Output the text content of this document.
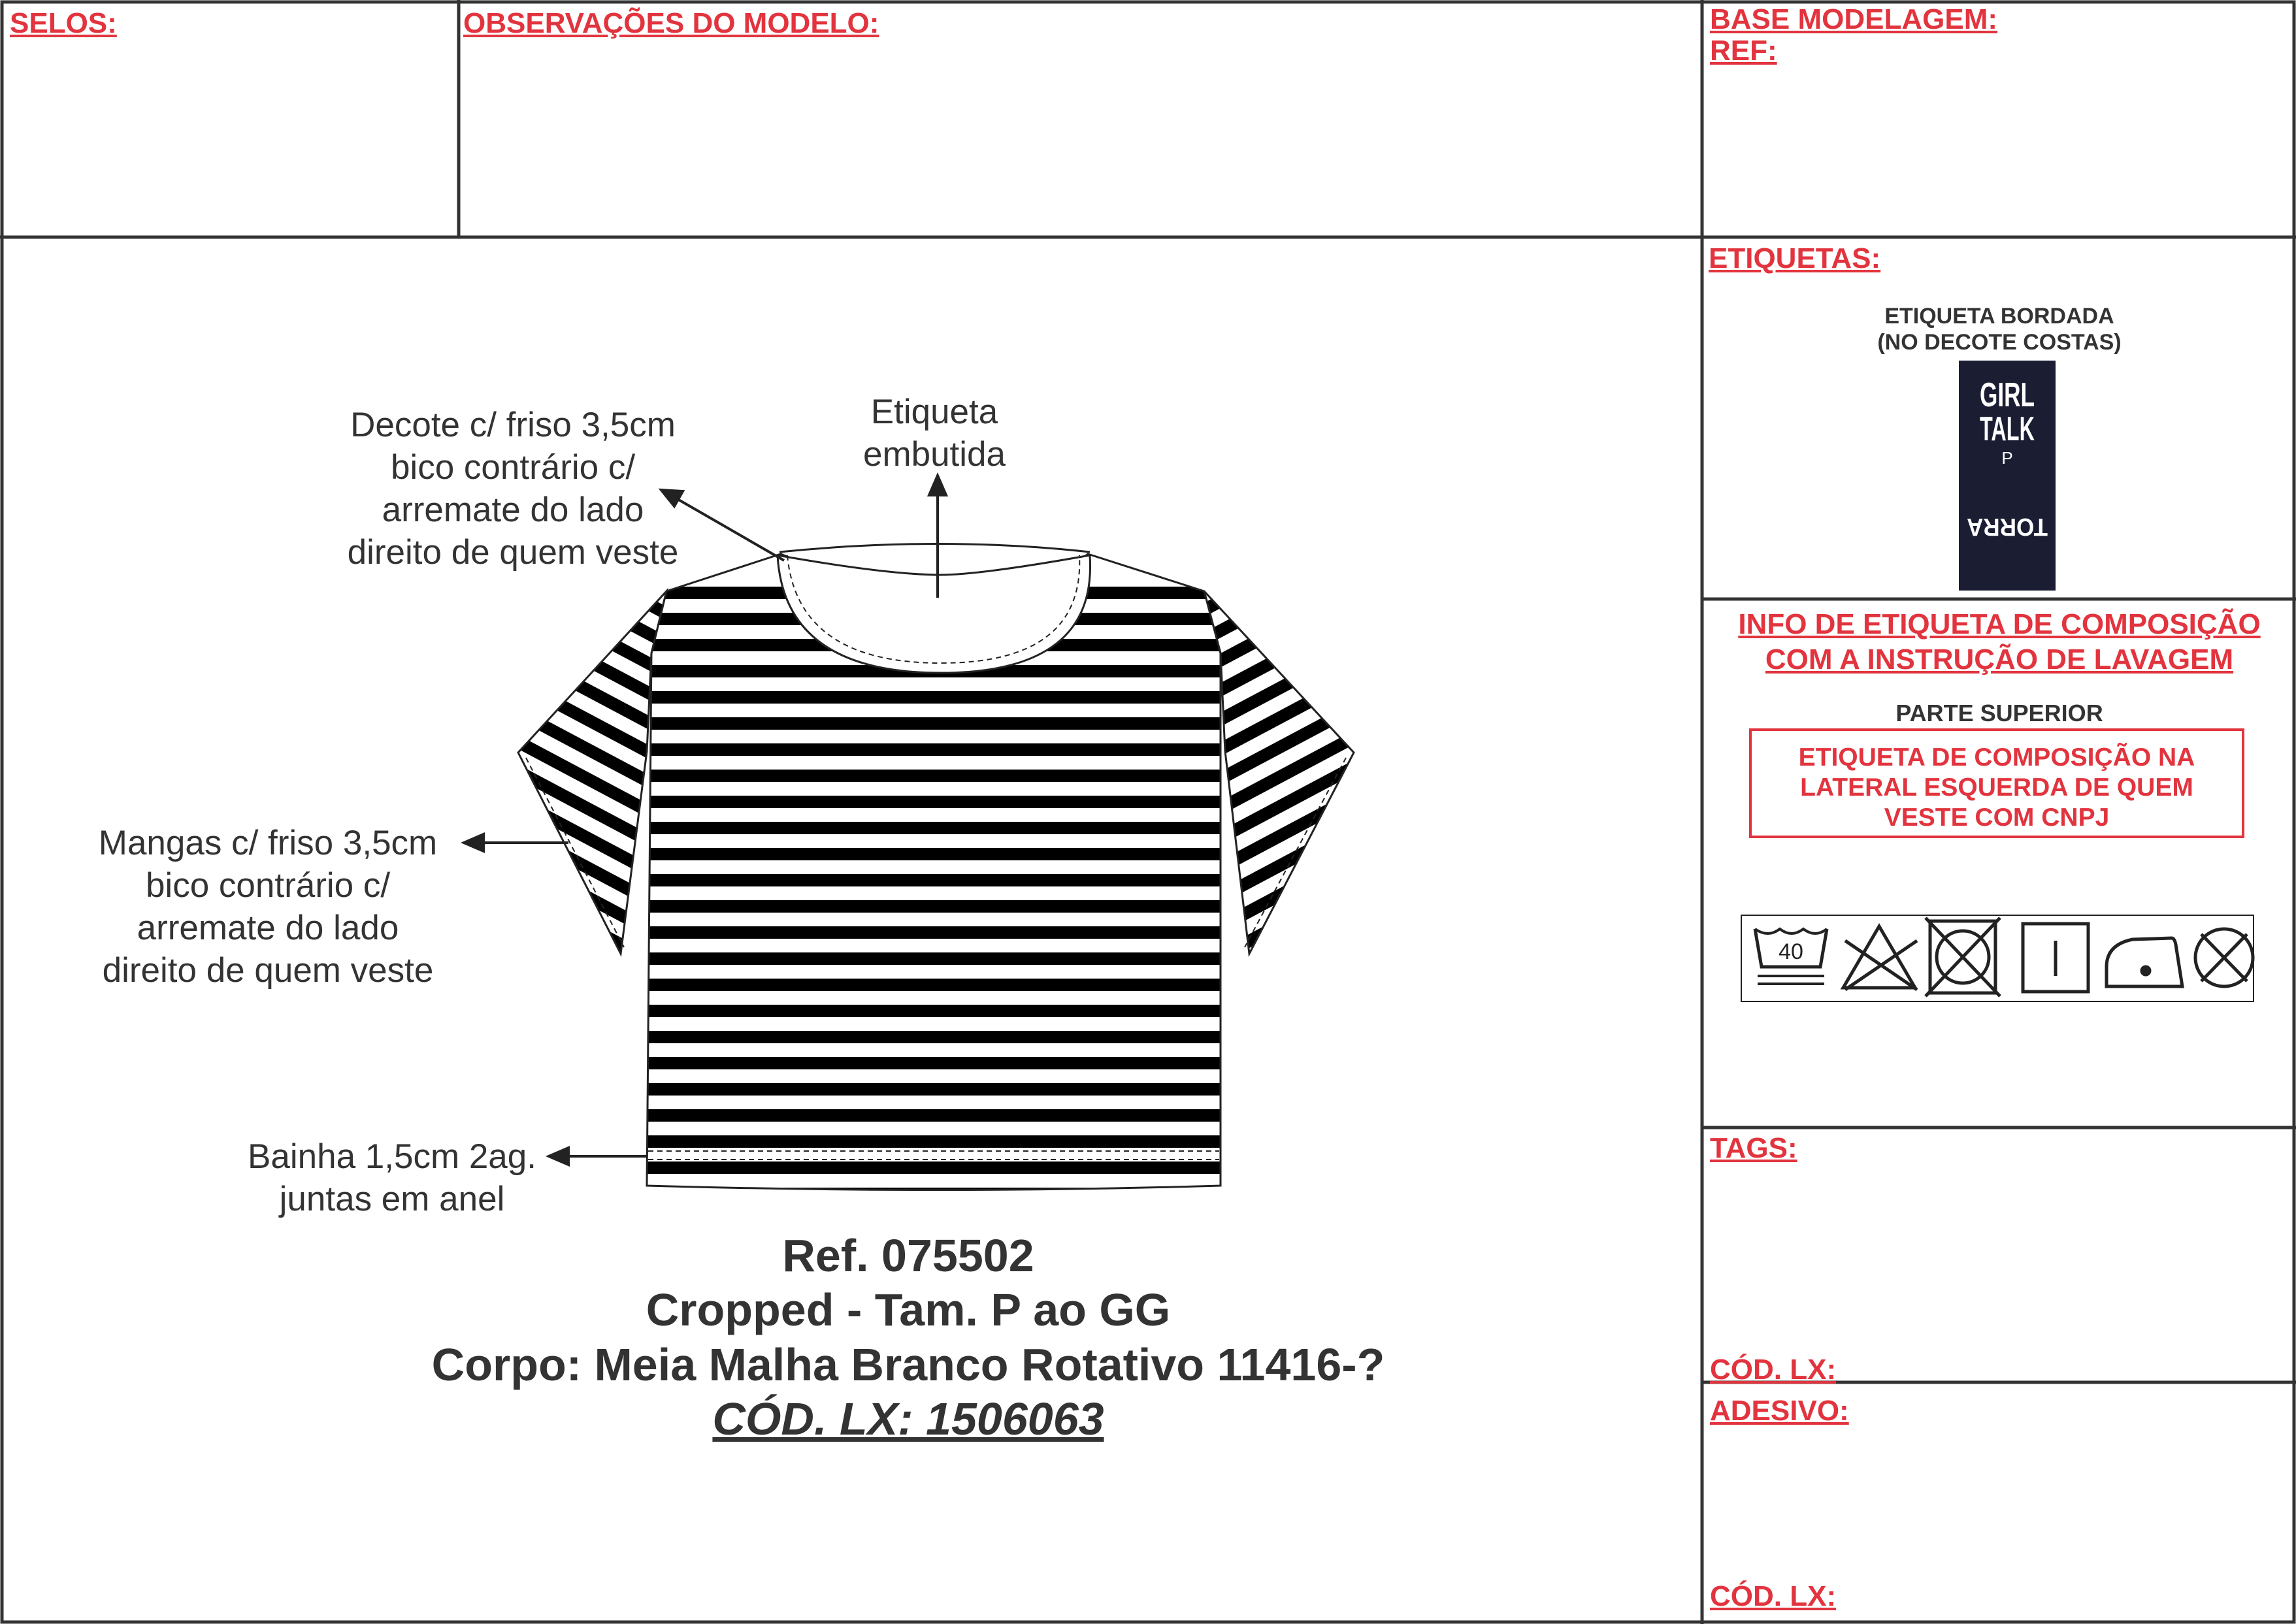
SELOS:	OBSERVAÇÕES DO MODELO:	BASE MODELAGEM:
REF:
ETIQUETAS:
TAGS:
CÓD. LX:
ADESIVO:
CÓD. LX:
Decote c/ friso 3,5cm
bico contrário c/
arremate do lado
direito de quem veste
Etiqueta
embutida
Mangas c/ friso 3,5cm
bico contrário c/
arremate do lado
direito de quem veste
Bainha 1,5cm 2ag.
juntas em anel
Ref. 075502
Cropped - Tam. P ao GG
Corpo: Meia Malha Branco Rotativo 11416-?
CÓD. LX: 1506063
ETIQUETA BORDADA
(NO DECOTE COSTAS)
GIRL
TALK
P
TORRA
INFO DE ETIQUETA DE COMPOSIÇÃO
COM A INSTRUÇÃO DE LAVAGEM
PARTE SUPERIOR
ETIQUETA DE COMPOSIÇÃO NA
LATERAL ESQUERDA DE QUEM
VESTE COM CNPJ
40
